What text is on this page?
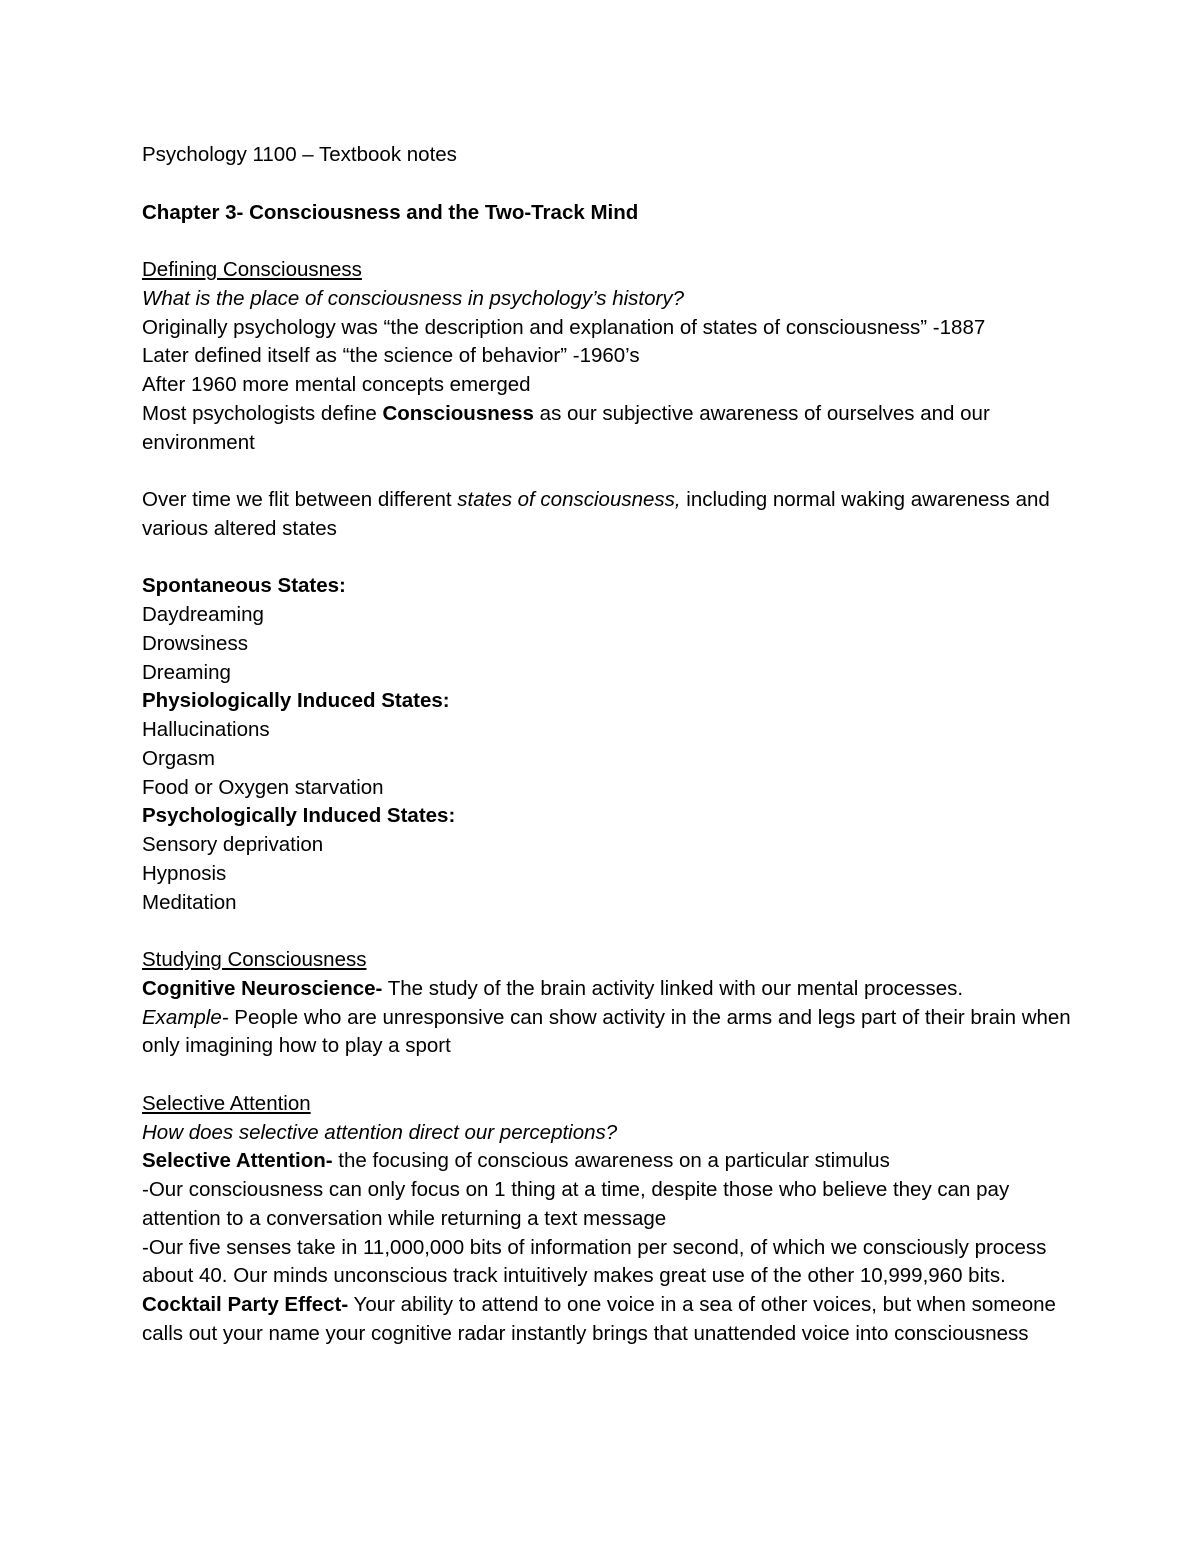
Psychology 1100 – Textbook notes

Chapter 3- Consciousness and the Two-Track Mind

Defining Consciousness

What is the place of consciousness in psychology’s history?

Originally psychology was “the description and explanation of states of consciousness” -1887

Later defined itself as “the science of behavior” -1960’s

After 1960 more mental concepts emerged

Most psychologists define Consciousness as our subjective awareness of ourselves and our environment

Over time we flit between different states of consciousness, including normal waking awareness and various altered states

Spontaneous States:

Daydreaming

Drowsiness

Dreaming

Physiologically Induced States:

Hallucinations

Orgasm

Food or Oxygen starvation

Psychologically Induced States:

Sensory deprivation

Hypnosis

Meditation

Studying Consciousness

Cognitive Neuroscience- The study of the brain activity linked with our mental processes.

Example- People who are unresponsive can show activity in the arms and legs part of their brain when only imagining how to play a sport

Selective Attention

How does selective attention direct our perceptions?

Selective Attention- the focusing of conscious awareness on a particular stimulus

-Our consciousness can only focus on 1 thing at a time, despite those who believe they can pay attention to a conversation while returning a text message

-Our five senses take in 11,000,000 bits of information per second, of which we consciously process about 40. Our minds unconscious track intuitively makes great use of the other 10,999,960 bits.

Cocktail Party Effect- Your ability to attend to one voice in a sea of other voices, but when someone calls out your name your cognitive radar instantly brings that unattended voice into consciousness
